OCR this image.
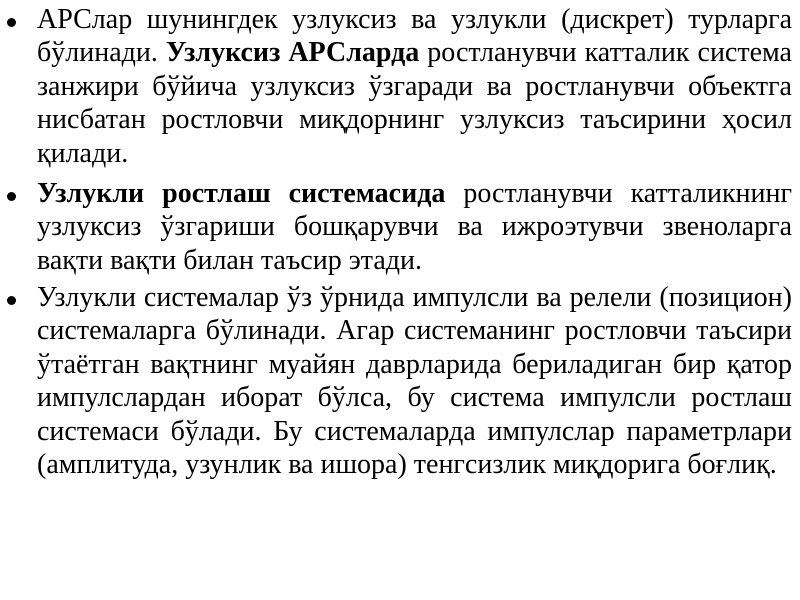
АРСлар шунингдек узлуксиз ва узлукли (дискрет) турларга бўлинади. Узлуксиз АРСларда ростланувчи катталик система занжири бўйича узлуксиз ўзгаради ва ростланувчи объектга нисбатан ростловчи миқдорнинг узлуксиз таъсирини ҳосил қилади.
Узлукли ростлаш системасида ростланувчи катталикнинг узлуксиз ўзгариши бошқарувчи ва ижроэтувчи звеноларга вақти вақти билан таъсир этади.
Узлукли системалар ўз ўрнида импулсли ва релели (позицион) системаларга бўлинади. Агар системанинг ростловчи таъсири ўтаётган вақтнинг муайян даврларида бериладиган бир қатор импулслардан иборат бўлса, бу система импулсли ростлаш системаси бўлади. Бу системаларда импулслар параметрлари (амплитуда, узунлик ва ишора) тенгсизлик миқдорига боғлиқ.
